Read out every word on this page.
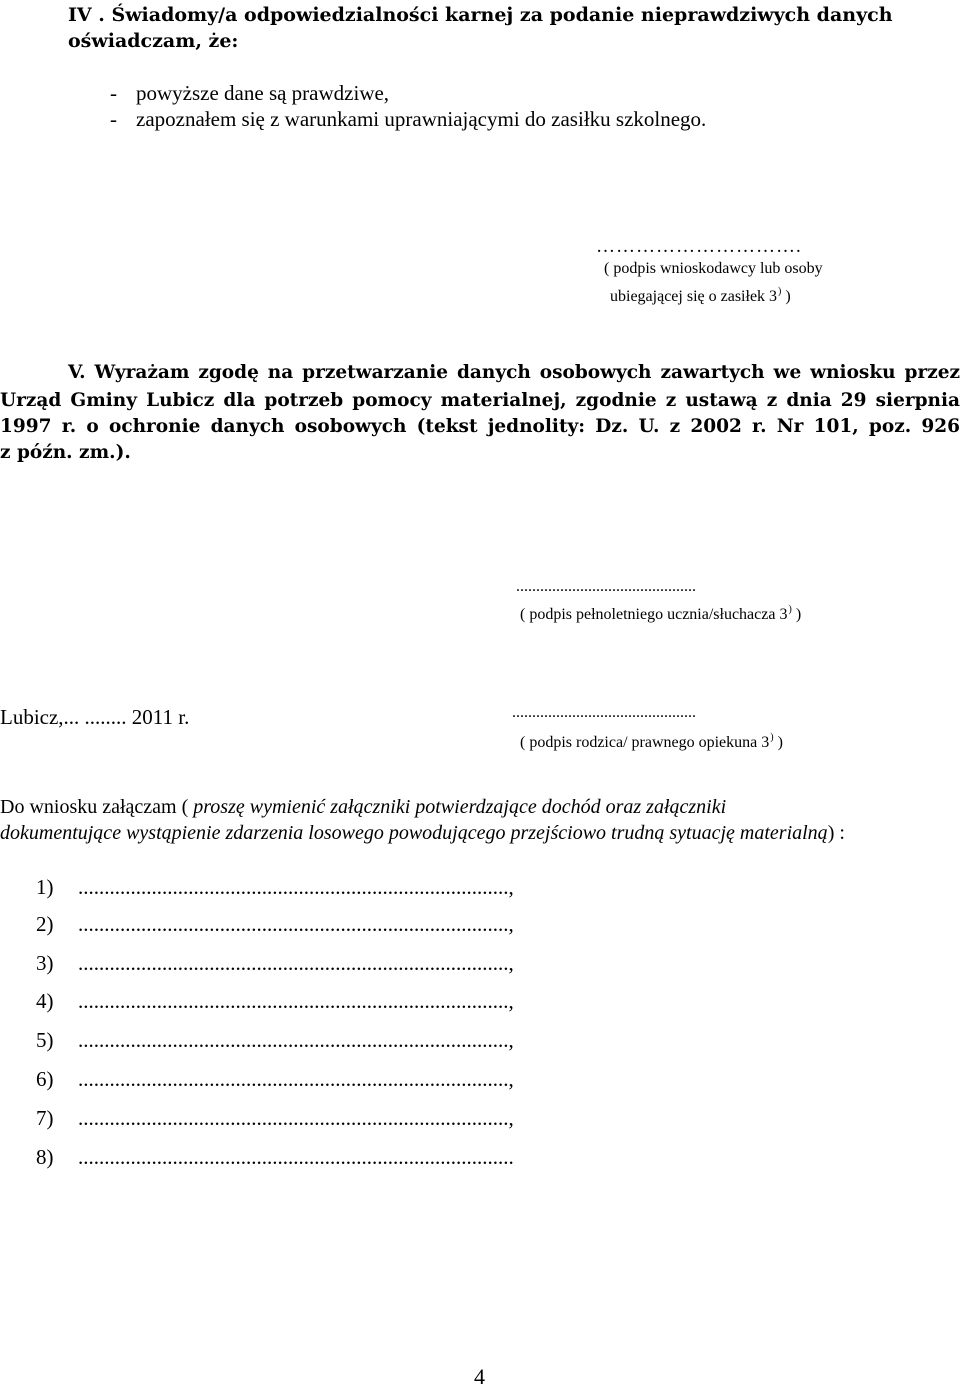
IV . Świadomy/a odpowiedzialności karnej za podanie nieprawdziwych danych oświadczam, że:
- powyższe dane są prawdziwe,
- zapoznałem się z warunkami uprawniającymi do zasiłku szkolnego.
………………………….
( podpis wnioskodawcy lub osoby
ubiegającej się o zasiłek 3) )
V. Wyrażam zgodę na przetwarzanie danych osobowych zawartych we wniosku przez
Urząd Gminy Lubicz dla potrzeb pomocy materialnej, zgodnie z ustawą z dnia 29 sierpnia
1997 r. o ochronie danych osobowych (tekst jednolity: Dz. U. z 2002 r. Nr 101, poz. 926
z późn. zm.).
.............................................
( podpis pełnoletniego ucznia/słuchacza 3) )
Lubicz,... ........ 2011 r.	..............................................
( podpis rodzica/ prawnego opiekuna 3) )
Do wniosku załączam ( proszę wymienić załączniki potwierdzające dochód oraz załączniki
dokumentujące wystąpienie zdarzenia losowego powodującego przejściowo trudną sytuację materialną) :
1) ..................................................................................,
2) ..................................................................................,
3) ..................................................................................,
4) ..................................................................................,
5) ..................................................................................,
6) ..................................................................................,
7) ..................................................................................,
8) ...................................................................................
4
